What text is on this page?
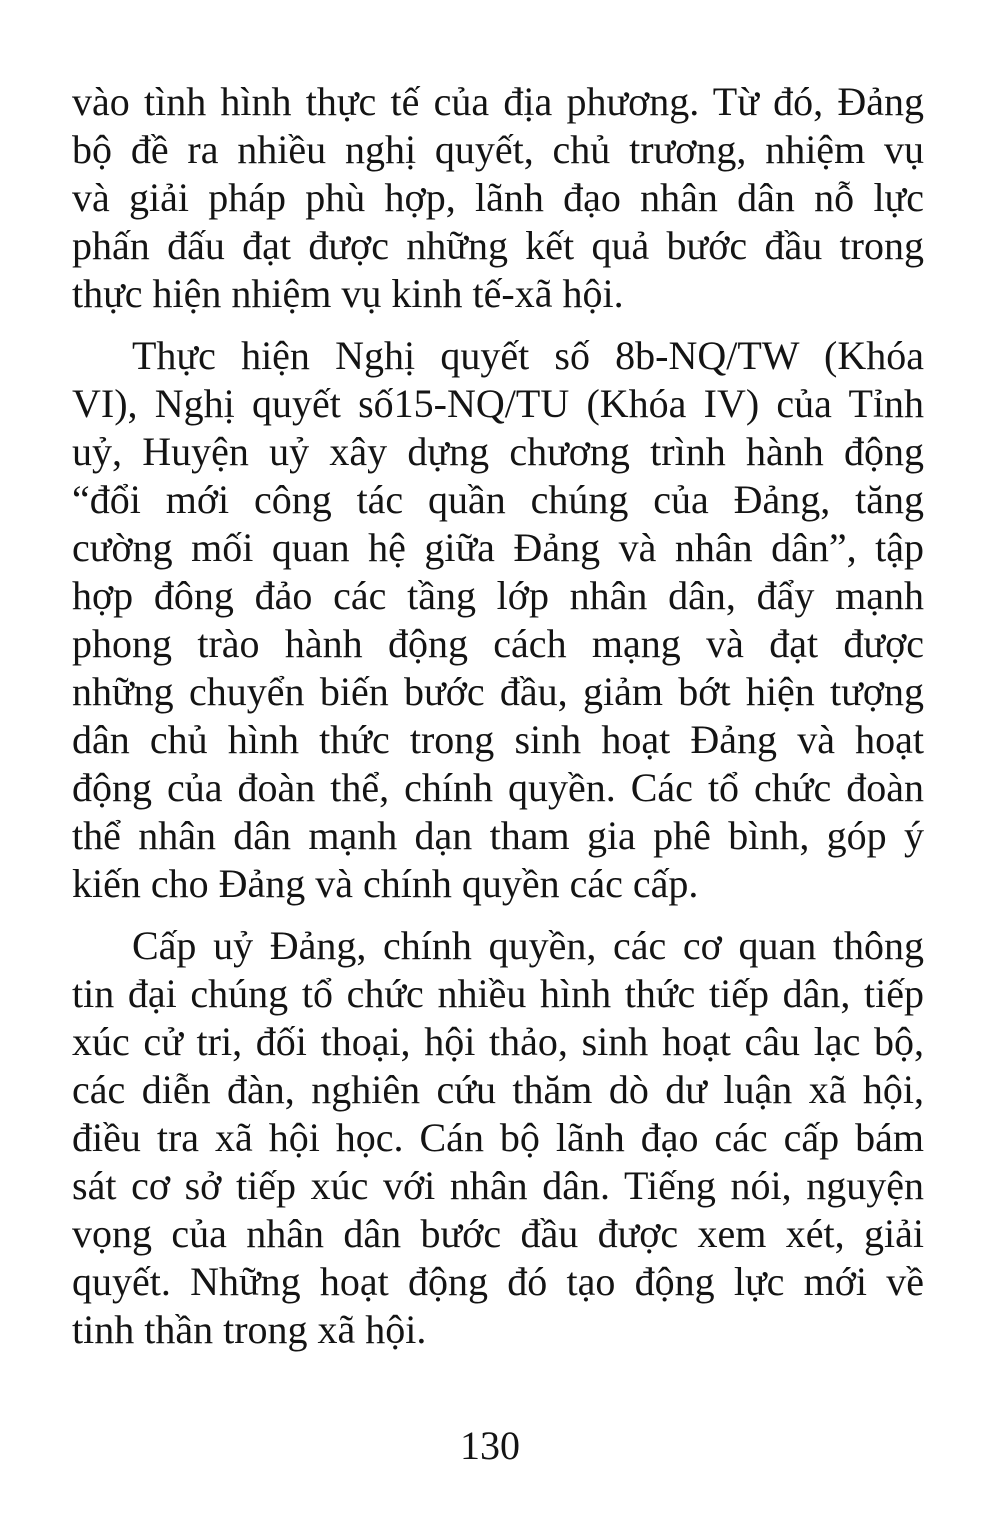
vào tình hình thực tế của địa phương. Từ đó, Đảng
bộ đề ra nhiều nghị quyết, chủ trương, nhiệm vụ
và giải pháp phù hợp, lãnh đạo nhân dân nỗ lực
phấn đấu đạt được những kết quả bước đầu trong
thực hiện nhiệm vụ kinh tế-xã hội.

Thực hiện Nghị quyết số 8b-NQ/TW (Khóa
VI), Nghị quyết số15-NQ/TU (Khóa IV) của Tỉnh
uỷ, Huyện uỷ xây dựng chương trình hành động
“đổi mới công tác quần chúng của Đảng, tăng
cường mối quan hệ giữa Đảng và nhân dân”, tập
hợp đông đảo các tầng lớp nhân dân, đẩy mạnh
phong trào hành động cách mạng và đạt được
những chuyển biến bước đầu, giảm bớt hiện tượng
dân chủ hình thức trong sinh hoạt Đảng và hoạt
động của đoàn thể, chính quyền. Các tổ chức đoàn
thể nhân dân mạnh dạn tham gia phê bình, góp ý
kiến cho Đảng và chính quyền các cấp.

Cấp uỷ Đảng, chính quyền, các cơ quan thông
tin đại chúng tổ chức nhiều hình thức tiếp dân, tiếp
xúc cử tri, đối thoại, hội thảo, sinh hoạt câu lạc bộ,
các diễn đàn, nghiên cứu thăm dò dư luận xã hội,
điều tra xã hội học. Cán bộ lãnh đạo các cấp bám
sát cơ sở tiếp xúc với nhân dân. Tiếng nói, nguyện
vọng của nhân dân bước đầu được xem xét, giải
quyết. Những hoạt động đó tạo động lực mới về
tinh thần trong xã hội.

130
